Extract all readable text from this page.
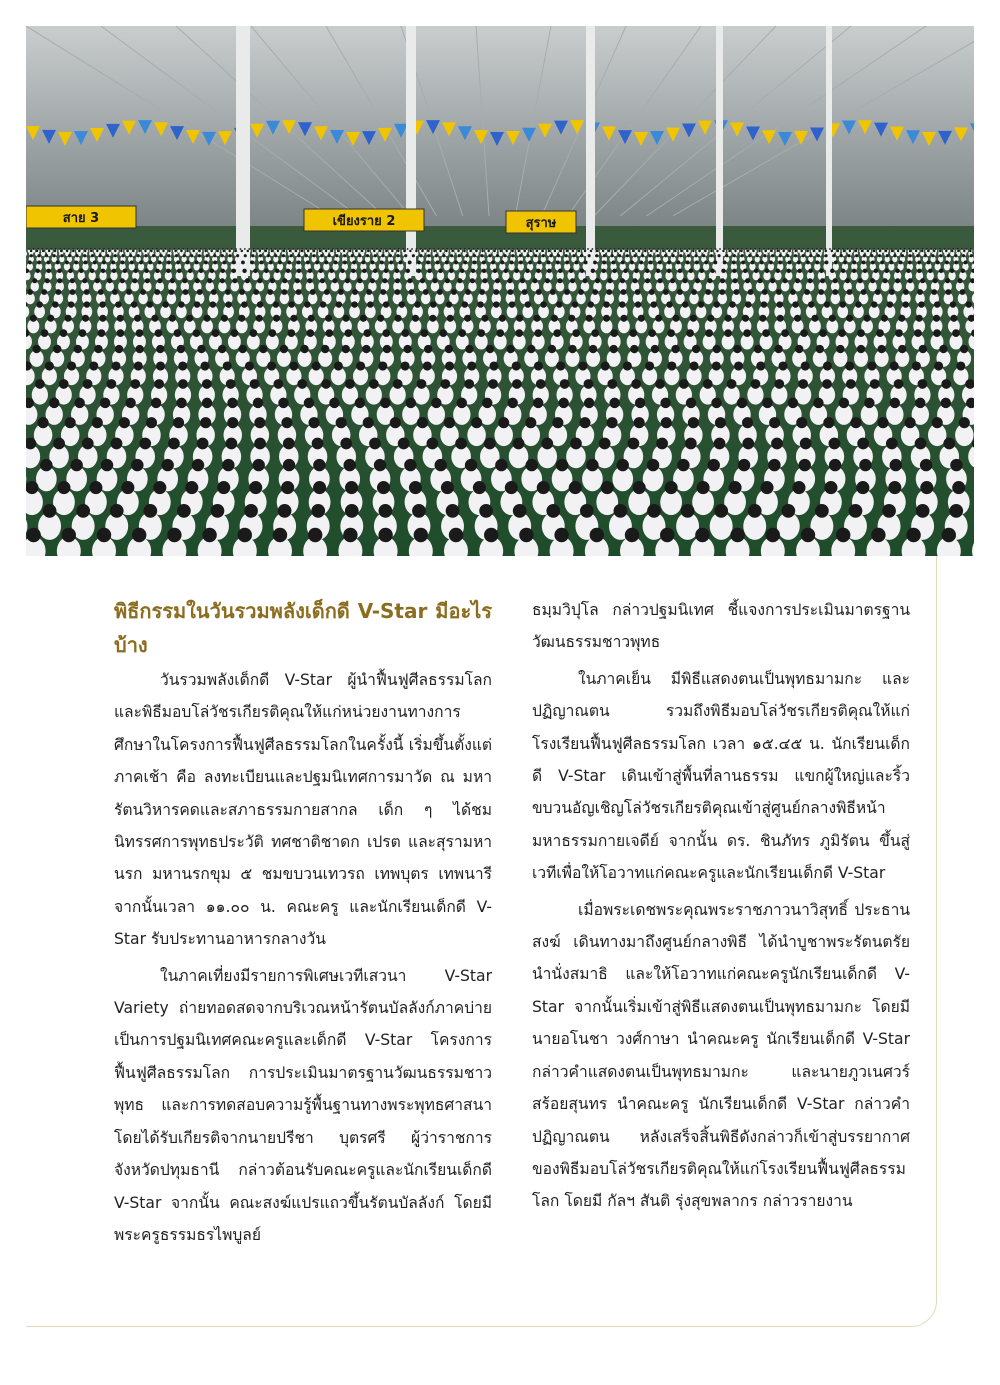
สาย 3	เขียงราย 2	สุราษ
พิธีกรรมในวันรวมพลังเด็กดี V-Star มีอะไรบ้าง

วันรวมพลังเด็กดี V-Star ผู้นำฟื้นฟูศีลธรรมโลกและพิธีมอบโล่วัชรเกียรติคุณให้แก่หน่วยงานทางการศึกษาในโครงการฟื้นฟูศีลธรรมโลกในครั้งนี้ เริ่มขึ้นตั้งแต่ภาคเช้า คือ ลงทะเบียนและปฐมนิเทศการมาวัด ณ มหารัตนวิหารคดและสภาธรรมกายสากล เด็ก ๆ ได้ชมนิทรรศการพุทธประวัติ ทศชาติชาดก เปรต และสุรามหานรก มหานรกขุม ๕ ชมขบวนเทวรถ เทพบุตร เทพนารี จากนั้นเวลา ๑๑.๐๐ น. คณะครู และนักเรียนเด็กดี V-Star รับประทานอาหารกลางวัน

ในภาคเที่ยงมีรายการพิเศษเวทีเสวนา V-Star Variety ถ่ายทอดสดจากบริเวณหน้ารัตนบัลลังก์ภาคบ่าย เป็นการปฐมนิเทศคณะครูและเด็กดี V-Star โครงการฟื้นฟูศีลธรรมโลก การประเมินมาตรฐานวัฒนธรรมชาวพุทธ และการทดสอบความรู้พื้นฐานทางพระพุทธศาสนา โดยได้รับเกียรติจากนายปรีชา บุตรศรี ผู้ว่าราชการจังหวัดปทุมธานี กล่าวต้อนรับคณะครูและนักเรียนเด็กดี V-Star จากนั้น คณะสงฆ์แปรแถวขึ้นรัตนบัลลังก์ โดยมีพระครูธรรมธรไพบูลย์

ธมฺมวิปุโล กล่าวปฐมนิเทศ ชี้แจงการประเมินมาตรฐานวัฒนธรรมชาวพุทธ

ในภาคเย็น มีพิธีแสดงตนเป็นพุทธมามกะ และปฏิญาณตน รวมถึงพิธีมอบโล่วัชรเกียรติคุณให้แก่โรงเรียนฟื้นฟูศีลธรรมโลก เวลา ๑๕.๔๕ น. นักเรียนเด็กดี V-Star เดินเข้าสู่พื้นที่ลานธรรม แขกผู้ใหญ่และริ้วขบวนอัญเชิญโล่วัชรเกียรติคุณเข้าสู่ศูนย์กลางพิธีหน้ามหาธรรมกายเจดีย์ จากนั้น ดร. ชินภัทร ภูมิรัตน ขึ้นสู่เวทีเพื่อให้โอวาทแก่คณะครูและนักเรียนเด็กดี V-Star

เมื่อพระเดชพระคุณพระราชภาวนาวิสุทธิ์ ประธานสงฆ์ เดินทางมาถึงศูนย์กลางพิธี ได้นำบูชาพระรัตนตรัย นำนั่งสมาธิ และให้โอวาทแก่คณะครูนักเรียนเด็กดี V-Star จากนั้นเริ่มเข้าสู่พิธีแสดงตนเป็นพุทธมามกะ โดยมีนายอโนชา วงศ์กาษา นำคณะครู นักเรียนเด็กดี V-Star กล่าวคำแสดงตนเป็นพุทธมามกะ และนายภูวเนศวร์ สร้อยสุนทร นำคณะครู นักเรียนเด็กดี V-Star กล่าวคำปฏิญาณตน หลังเสร็จสิ้นพิธีดังกล่าวก็เข้าสู่บรรยากาศของพิธีมอบโล่วัชรเกียรติคุณให้แก่โรงเรียนฟื้นฟูศีลธรรมโลก โดยมี กัลฯ สันติ รุ่งสุขพลากร กล่าวรายงาน
